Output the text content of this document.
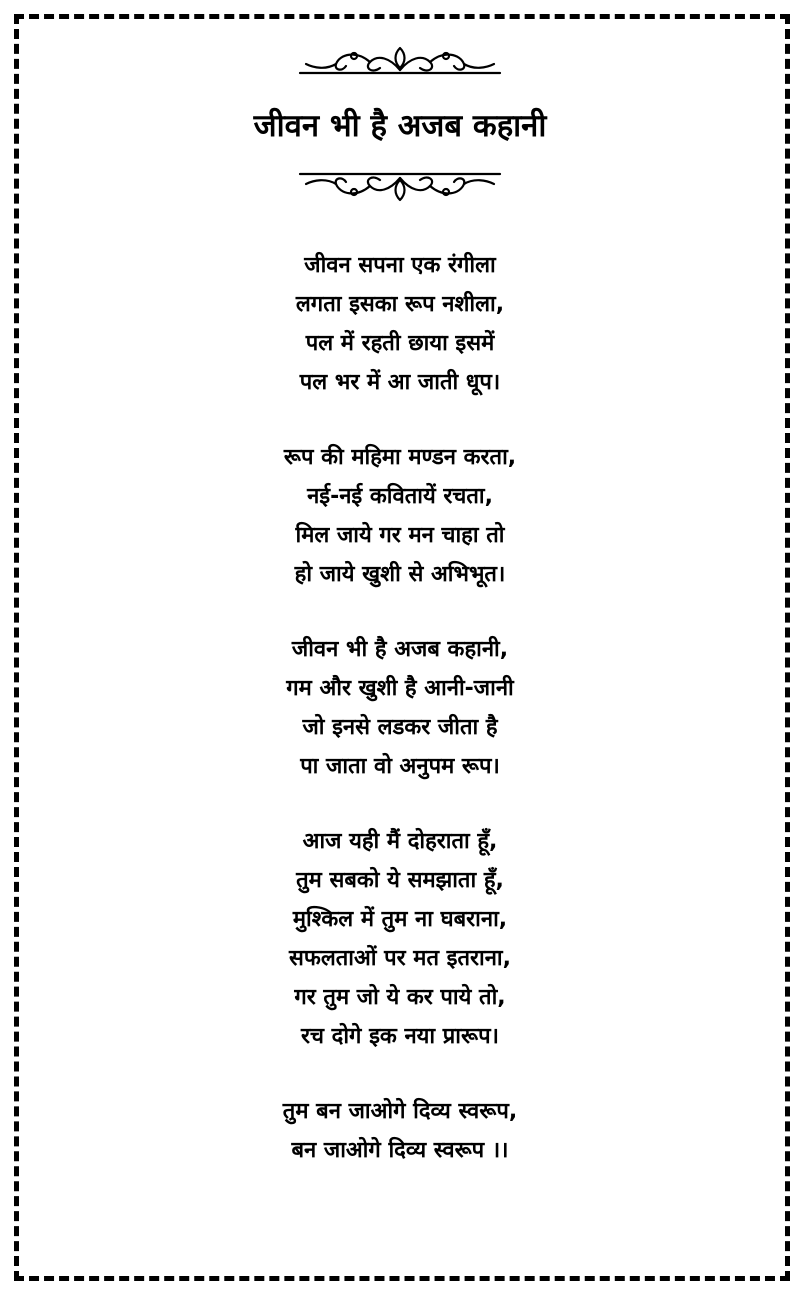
जीवन भी है अजब कहानी
जीवन सपना एक रंगीला
लगता इसका रूप नशीला,
पल में रहती छाया इसमें
पल भर में आ जाती धूप।
रूप की महिमा मण्डन करता,
नई-नई कवितायें रचता,
मिल जाये गर मन चाहा तो
हो जाये खुशी से अभिभूत।
जीवन भी है अजब कहानी,
गम और खुशी है आनी-जानी
जो इनसे लडकर जीता है
पा जाता वो अनुपम रूप।
आज यही मैं दोहराता हूँ,
तुम सबको ये समझाता हूँ,
मुश्किल में तुम ना घबराना,
सफलताओं पर मत इतराना,
गर तुम जो ये कर पाये तो,
रच दोगे इक नया प्रारूप।
तुम बन जाओगे दिव्य स्वरूप,
बन जाओगे दिव्य स्वरूप ।।
